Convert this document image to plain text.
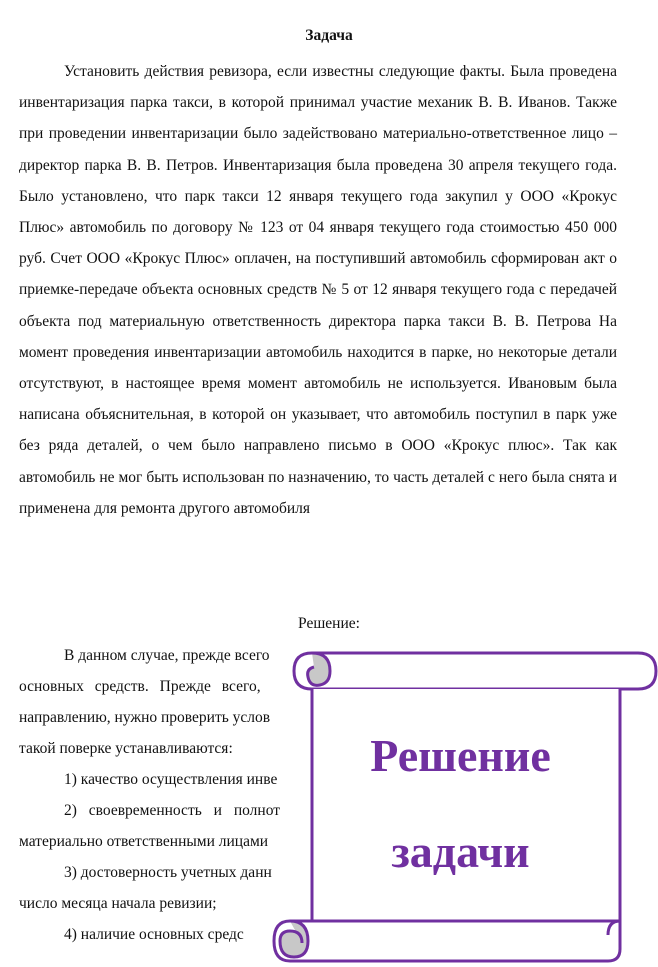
Задача

Установить действия ревизора, если известны следующие факты. Была проведена инвентаризация парка такси, в которой принимал участие механик В. В. Иванов. Также при проведении инвентаризации было задействовано материально-ответственное лицо – директор парка В. В. Петров. Инвентаризация была проведена 30 апреля текущего года. Было установлено, что парк такси 12 января текущего года закупил у ООО «Крокус Плюс» автомобиль по договору № 123 от 04 января текущего года стоимостью 450 000 руб. Счет ООО «Крокус Плюс» оплачен, на поступивший автомобиль сформирован акт о приемке-передаче объекта основных средств № 5 от 12 января текущего года с передачей объекта под материальную ответственность директора парка такси В. В. Петрова На момент проведения инвентаризации автомобиль находится в парке, но некоторые детали отсутствуют, в настоящее время момент автомобиль не используется. Ивановым была написана объяснительная, в которой он указывает, что автомобиль поступил в парк уже без ряда деталей, о чем было направлено письмо в ООО «Крокус плюс». Так как автомобиль не мог быть использован по назначению, то часть деталей с него была снята и применена для ремонта другого автомобиля

Решение:
В данном случае, прежде всего
основных средств. Прежде всего,
направлению, нужно проверить услов
такой поверке устанавливаются:
1) качество осуществления инве
2) своевременность и полнот
материально ответственными лицами
3) достоверность учетных данн
число месяца начала ревизии;
4) наличие основных средс
Решение
задачи
